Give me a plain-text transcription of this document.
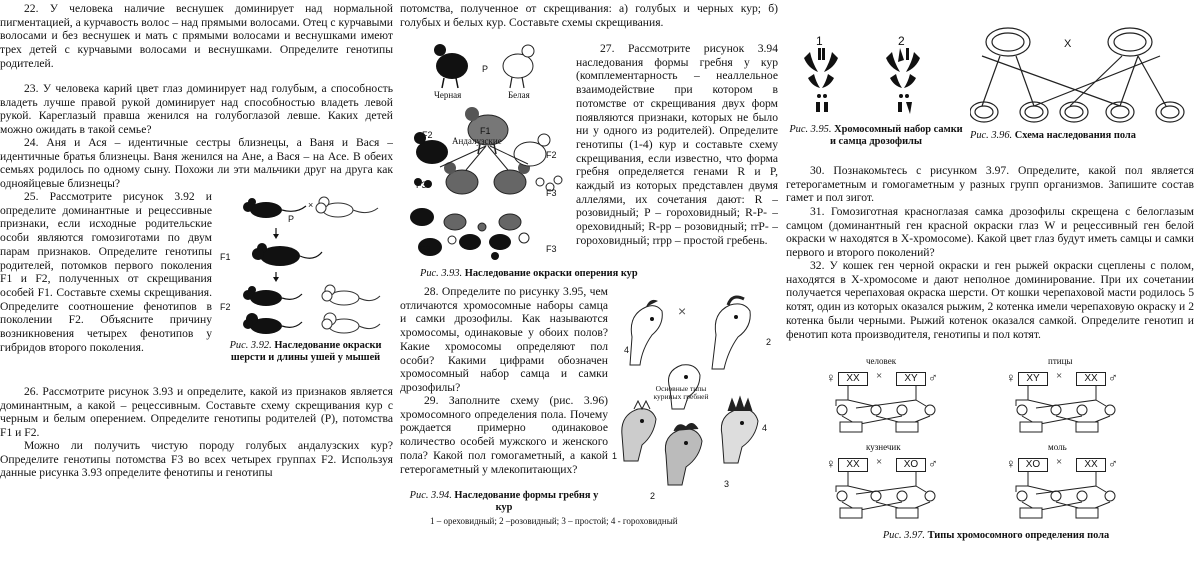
22. У человека наличие веснушек доминирует над нормальной пигментацией, а курчавость волос – над прямыми волосами. Отец с курчавыми волосами и без веснушек и мать с прямыми волосами и веснушками имеют трех детей с курчавыми волосами и веснушками. Определите генотипы родителей.

23. У человека карий цвет глаз доминирует над голубым, а способность владеть лучше правой рукой доминирует над способностью владеть левой рукой. Кареглазый правша женился на голубоглазой левше. Каких детей можно ожидать в такой семье?

24. Аня и Ася – идентичные сестры близнецы, а Ваня и Вася – идентичные братья близнецы. Ваня женился на Ане, а Вася – на Асе. В обеих семьях родилось по одному сыну. Похожи ли эти мальчики друг на друга как однояйцевые близнецы?

25. Рассмотрите рисунок 3.92 и определите доминантные и рецессивные признаки, если исходные родительские особи являются гомозиготами по двум парам признаков. Определите генотипы родителей, потомков первого поколения F1 и F2, полученных от скрещивания особей F1. Составьте схемы скрещивания. Определите соотношение фенотипов в поколении F2. Объясните причину возникновения четырех фенотипов у гибридов второго поколения.

P
×
F1
F2
Рис. 3.92. Наследование окраски шерсти и длины ушей у мышей

26. Рассмотрите рисунок 3.93 и определите, какой из признаков является доминантным, а какой – рецессивным. Составьте схему скрещивания кур с черным и белым оперением. Определите генотипы родителей (P), потомства F1 и F2.

Можно ли получить чистую породу голубых андалузских кур? Определите генотипы потомства F3 во всех четырех группах F2. Используя данные рисунка 3.93 определите фенотипы и генотипы

потомства, полученное от скрещивания: а) голубых и черных кур; б) голубых и белых кур. Составьте схемы скрещивания.

Черная	Белая
P
F1
Андалузские
F2
F2
F3
F3
F3	F3
Рис. 3.93. Наследование окраски оперения кур

27. Рассмотрите рисунок 3.94 наследования формы гребня у кур (комплементарность – неаллельное взаимодействие при котором в потомстве от скрещивания двух форм появляются признаки, которых не было ни у одного из родителей). Определите генотипы (1-4) кур и составьте схему скрещивания, если известно, что форма гребня определяется генами R и P, каждый из которых представлен двумя аллелями, их сочетания дают: R – розовидный; P – гороховидный; R-P- – ореховидный; R-pp – розовидный; rrP- – гороховидный; rrpp – простой гребень.

28. Определите по рисунку 3.95, чем отличаются хромосомные наборы самца и самки дрозофилы. Как называются хромосомы, одинаковые у обоих полов? Какие хромосомы определяют пол особи? Какими цифрами обозначен хромосомный набор самца и самки дрозофилы?

29. Заполните схему (рис. 3.96) хромосомного определения пола. Почему рождается примерно одинаковое количество особей мужского и женского пола? Какой пол гомогаметный, а какой гетерогаметный у млекопитающих?

×
4
2
Основные типы куриных гребней
1
2
3
4
Рис. 3.94. Наследование формы гребня у кур
1 – ореховидный; 2 –розовидный; 3 – простой; 4 - гороховидный
1	2
Рис. 3.95. Хромосомный набор самки и самца дрозофилы
Х
Рис. 3.96. Схема наследования пола

30. Познакомьтесь с рисунком 3.97. Определите, какой пол является гетерогаметным и гомогаметным у разных групп организмов. Запишите состав гамет и пол зигот.

31. Гомозиготная красноглазая самка дрозофилы скрещена с белоглазым самцом (доминантный ген красной окраски глаз W и рецессивный ген белой окраски w находятся в Х-хромосоме). Какой цвет глаз будут иметь самцы и самки первого и второго поколений?

32. У кошек ген черной окраски и ген рыжей окраски сцеплены с полом, находятся в Х-хромосоме и дают неполное доминирование. При их сочетании получается черепаховая окраска шерсти. От кошки черепаховой масти родилось 5 котят, один из которых оказался рыжим, 2 котенка имели черепаховую окраску и 2 котенка были черными. Рыжий котенок оказался самкой. Определите генотип и фенотип кота производителя, генотипы и пол котят.

человек
♀	XX	×	XY ♂
птицы
♀	XY	×	XX ♂
кузнечик
♀	XX	×	XO ♂
моль
♀	XO	×	XX ♂
Рис. 3.97. Типы хромосомного определения пола
